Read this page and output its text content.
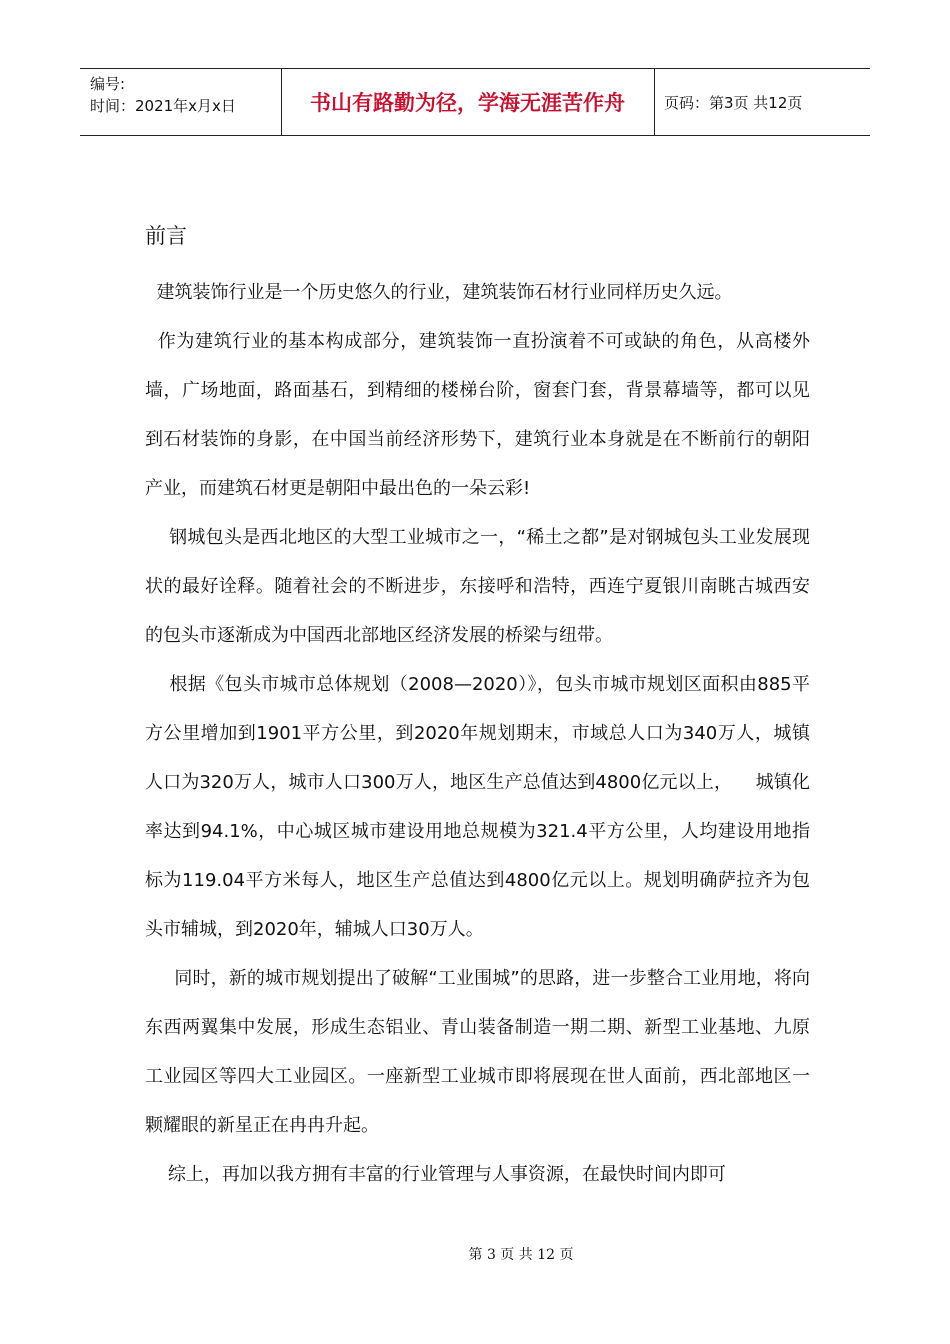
编号:
时间：2021年x月x日	书山有路勤为径，学海无涯苦作舟	页码：第3页 共12页
前言

建筑装饰行业是一个历史悠久的行业，建筑装饰石材行业同样历史久远。

作为建筑行业的基本构成部分，建筑装饰一直扮演着不可或缺的角色，从高楼外墙，广场地面，路面基石，到精细的楼梯台阶，窗套门套，背景幕墙等，都可以见到石材装饰的身影，在中国当前经济形势下，建筑行业本身就是在不断前行的朝阳产业，而建筑石材更是朝阳中最出色的一朵云彩!

钢城包头是西北地区的大型工业城市之一，“稀土之都”是对钢城包头工业发展现状的最好诠释。随着社会的不断进步，东接呼和浩特，西连宁夏银川南眺古城西安的包头市逐渐成为中国西北部地区经济发展的桥梁与纽带。

根据《包头市城市总体规划（2008—2020）》，包头市城市规划区面积由885平方公里增加到1901平方公里，到2020年规划期末，市域总人口为340万人，城镇人口为320万人，城市人口300万人，地区生产总值达到4800亿元以上，    城镇化率达到94.1%，中心城区城市建设用地总规模为321.4平方公里，人均建设用地指标为119.04平方米每人，地区生产总值达到4800亿元以上。规划明确萨拉齐为包头市辅城，到2020年，辅城人口30万人。

同时，新的城市规划提出了破解“工业围城”的思路，进一步整合工业用地，将向东西两翼集中发展，形成生态铝业、青山装备制造一期二期、新型工业基地、九原工业园区等四大工业园区。一座新型工业城市即将展现在世人面前，西北部地区一颗耀眼的新星正在冉冉升起。

综上，再加以我方拥有丰富的行业管理与人事资源，在最快时间内即可

第 3 页 共 12 页
